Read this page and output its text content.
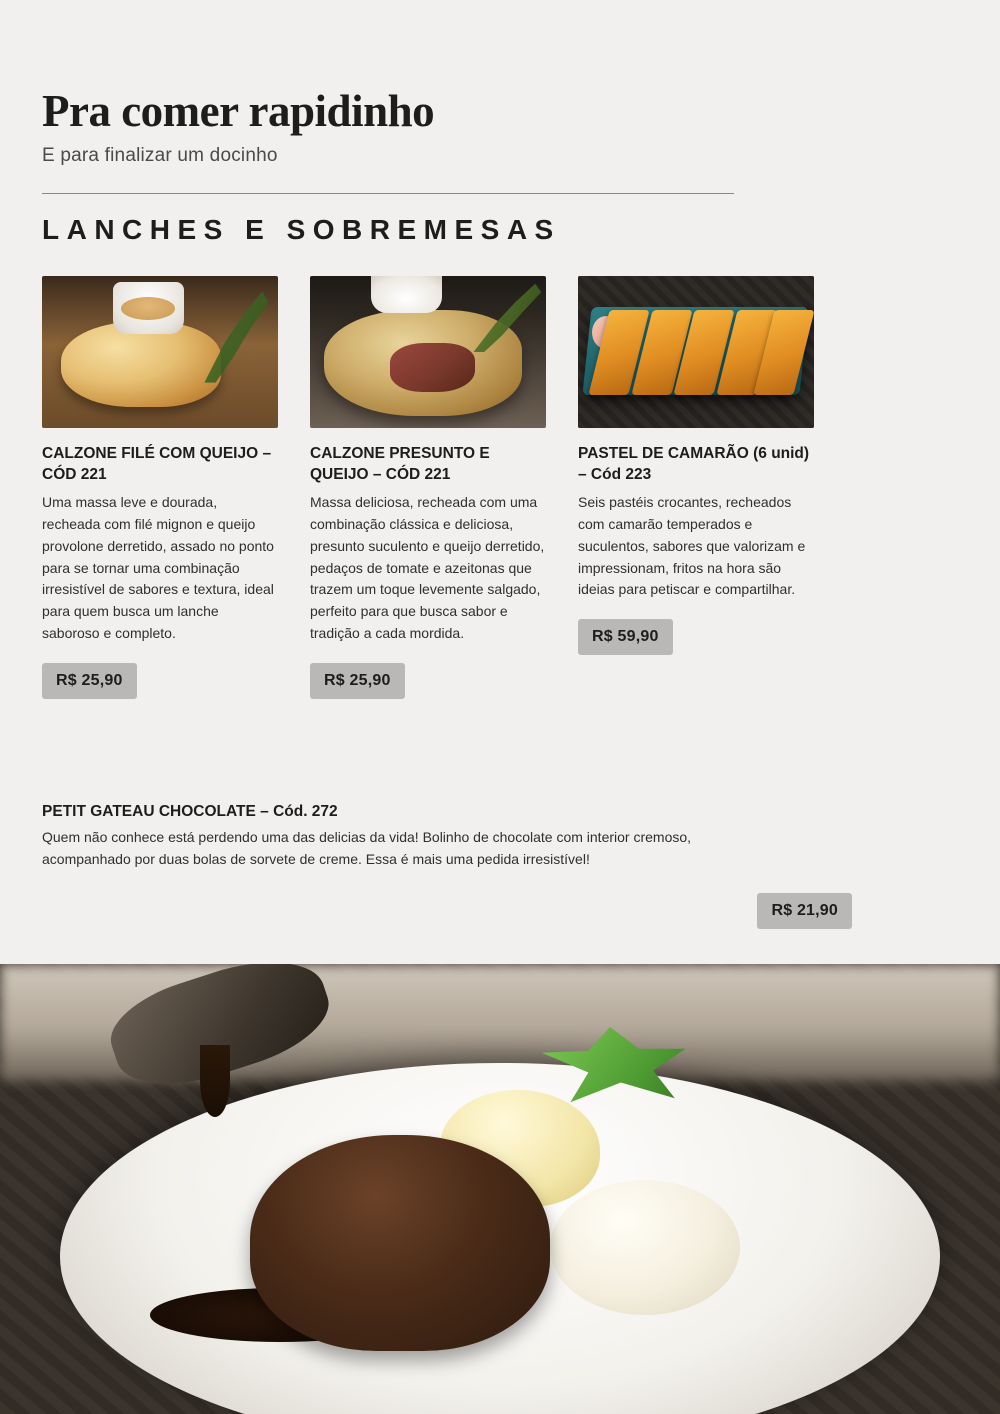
Pra comer rapidinho

E para finalizar um docinho

LANCHES E SOBREMESAS
CALZONE FILÉ COM QUEIJO – CÓD 221

Uma massa leve e dourada, recheada com filé mignon e queijo provolone derretido, assado no ponto para se tornar uma combinação irresistível de sabores e textura, ideal para quem busca um lanche saboroso e completo.

R$ 25,90
CALZONE PRESUNTO E QUEIJO – CÓD 221

Massa deliciosa, recheada com uma combinação clássica e deliciosa, presunto suculento e queijo derretido, pedaços de tomate e azeitonas que trazem um toque levemente salgado, perfeito para que busca sabor e tradição a cada mordida.

R$ 25,90
PASTEL DE CAMARÃO (6 unid) – Cód 223

Seis pastéis crocantes, recheados com camarão temperados e suculentos, sabores que valorizam e impressionam, fritos na hora são ideias para petiscar e compartilhar.

R$ 59,90
PETIT GATEAU CHOCOLATE – Cód. 272

Quem não conhece está perdendo uma das delicias da vida! Bolinho de chocolate com interior cremoso, acompanhado por duas bolas de sorvete de creme. Essa é mais uma pedida irresistível!

R$ 21,90
